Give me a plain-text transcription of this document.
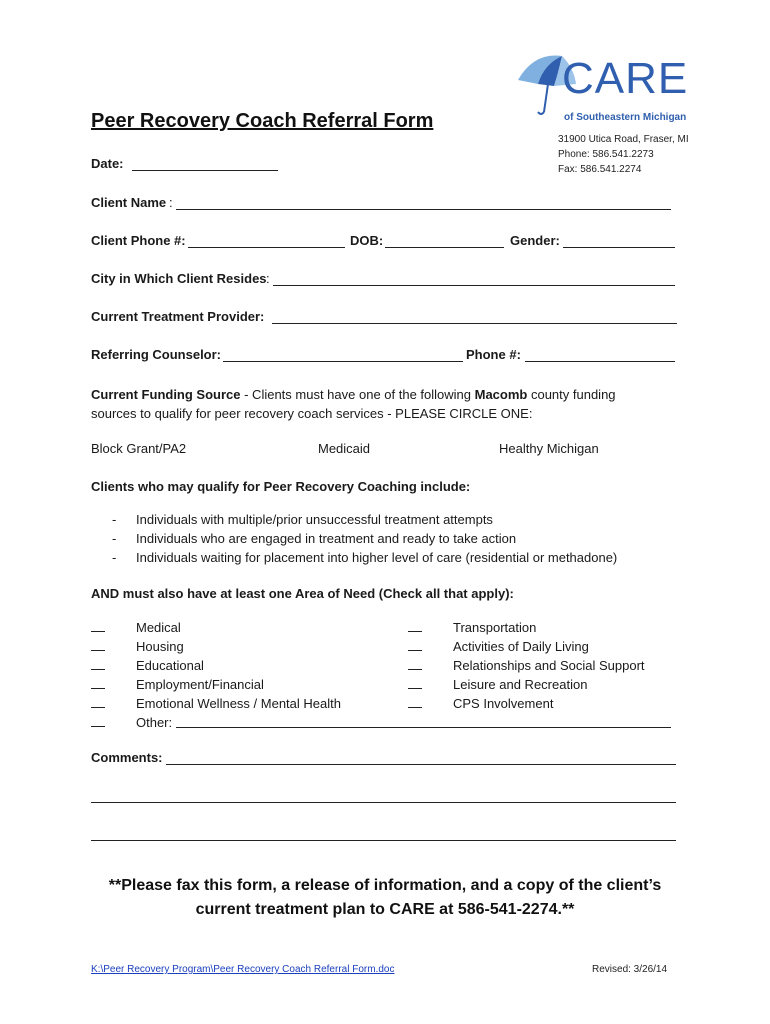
CARE
of Southeastern Michigan
Peer Recovery Coach Referral Form
31900 Utica Road, Fraser, MI
Phone: 586.541.2273
Fax: 586.541.2274
Date:
Client Name :
Client Phone #:	DOB:	Gender:
City in Which Client Resides :
Current Treatment Provider:
Referring Counselor:	Phone #:
Current Funding Source - Clients must have one of the following Macomb county funding
sources to qualify for peer recovery coach services - PLEASE CIRCLE ONE:
Block Grant/PA2	Medicaid	Healthy Michigan
Clients who may qualify for Peer Recovery Coaching include:
- Individuals with multiple/prior unsuccessful treatment attempts
- Individuals who are engaged in treatment and ready to take action
- Individuals waiting for placement into higher level of care (residential or methadone)
AND must also have at least one Area of Need (Check all that apply):
Medical
Housing
Educational
Employment/Financial
Emotional Wellness / Mental Health
Other:
Transportation
Activities of Daily Living
Relationships and Social Support
Leisure and Recreation
CPS Involvement
Comments:
**Please fax this form, a release of information, and a copy of the client’s
current treatment plan to CARE at 586-541-2274.**
K:\Peer Recovery Program\Peer Recovery Coach Referral Form.doc	Revised: 3/26/14
